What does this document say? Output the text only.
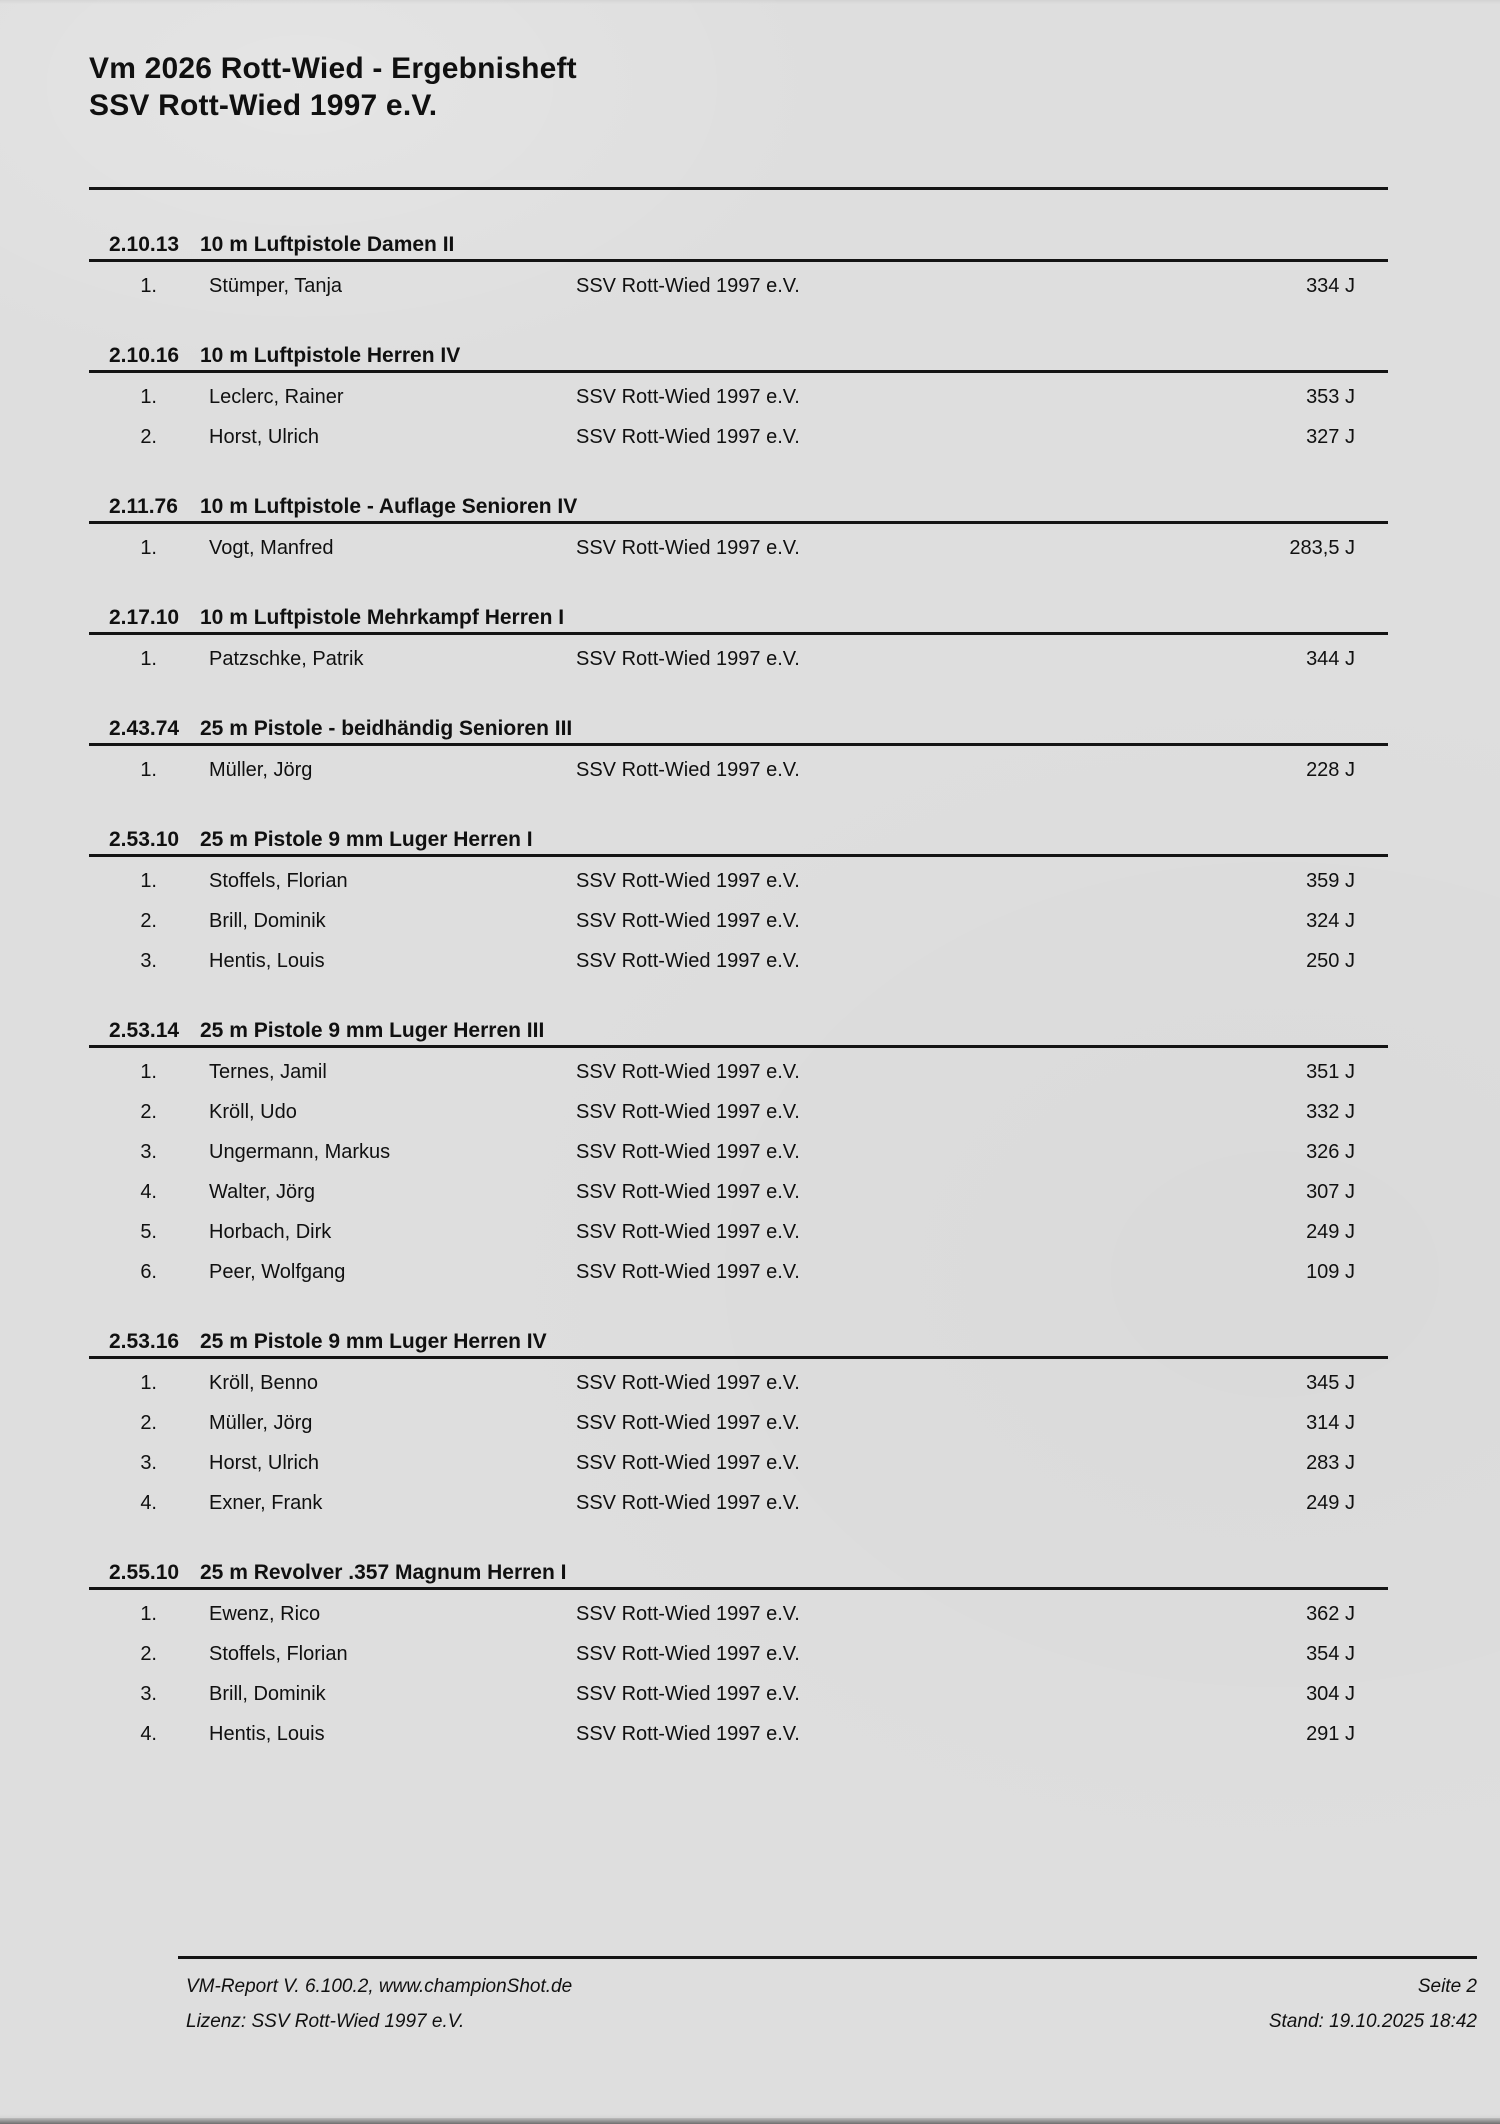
Vm 2026 Rott-Wied - Ergebnisheft
SSV Rott-Wied 1997 e.V.
2.10.13 10 m Luftpistole Damen II
1.	Stümper, Tanja	SSV Rott-Wied 1997 e.V.	334 J
2.10.16 10 m Luftpistole Herren IV
1.	Leclerc, Rainer	SSV Rott-Wied 1997 e.V.	353 J
2.	Horst, Ulrich	SSV Rott-Wied 1997 e.V.	327 J
2.11.76 10 m Luftpistole - Auflage Senioren IV
1.	Vogt, Manfred	SSV Rott-Wied 1997 e.V.	283,5 J
2.17.10 10 m Luftpistole Mehrkampf Herren I
1.	Patzschke, Patrik	SSV Rott-Wied 1997 e.V.	344 J
2.43.74 25 m Pistole - beidhändig Senioren III
1.	Müller, Jörg	SSV Rott-Wied 1997 e.V.	228 J
2.53.10 25 m Pistole 9 mm Luger Herren I
1.	Stoffels, Florian	SSV Rott-Wied 1997 e.V.	359 J
2.	Brill, Dominik	SSV Rott-Wied 1997 e.V.	324 J
3.	Hentis, Louis	SSV Rott-Wied 1997 e.V.	250 J
2.53.14 25 m Pistole 9 mm Luger Herren III
1.	Ternes, Jamil	SSV Rott-Wied 1997 e.V.	351 J
2.	Kröll, Udo	SSV Rott-Wied 1997 e.V.	332 J
3.	Ungermann, Markus	SSV Rott-Wied 1997 e.V.	326 J
4.	Walter, Jörg	SSV Rott-Wied 1997 e.V.	307 J
5.	Horbach, Dirk	SSV Rott-Wied 1997 e.V.	249 J
6.	Peer, Wolfgang	SSV Rott-Wied 1997 e.V.	109 J
2.53.16 25 m Pistole 9 mm Luger Herren IV
1.	Kröll, Benno	SSV Rott-Wied 1997 e.V.	345 J
2.	Müller, Jörg	SSV Rott-Wied 1997 e.V.	314 J
3.	Horst, Ulrich	SSV Rott-Wied 1997 e.V.	283 J
4.	Exner, Frank	SSV Rott-Wied 1997 e.V.	249 J
2.55.10 25 m Revolver .357 Magnum Herren I
1.	Ewenz, Rico	SSV Rott-Wied 1997 e.V.	362 J
2.	Stoffels, Florian	SSV Rott-Wied 1997 e.V.	354 J
3.	Brill, Dominik	SSV Rott-Wied 1997 e.V.	304 J
4.	Hentis, Louis	SSV Rott-Wied 1997 e.V.	291 J
VM-Report V. 6.100.2, www.championShot.de
Lizenz: SSV Rott-Wied 1997 e.V.
Seite 2
Stand: 19.10.2025 18:42
